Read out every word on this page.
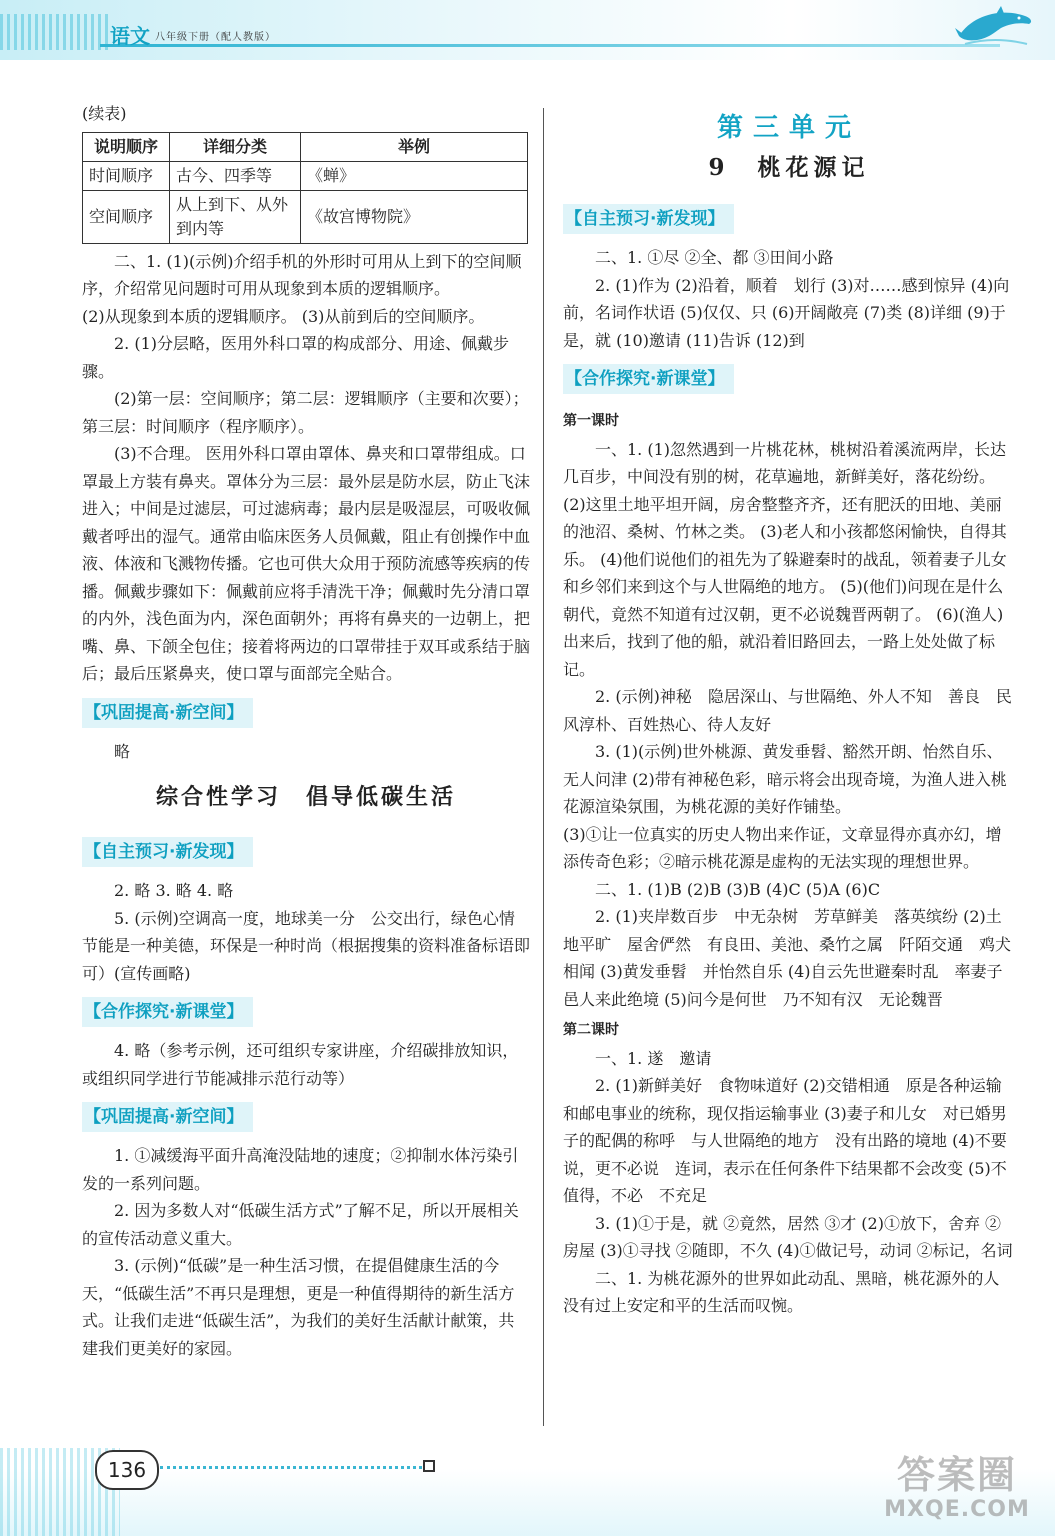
语文 八年级下册（配人教版）

(续表)

说明顺序	详细分类	举例
时间顺序	古今、四季等	《蝉》
空间顺序	从上到下、从外到内等	《故宫博物院》

二、1. (1)(示例)介绍手机的外形时可用从上到下的空间顺序，介绍常见问题时可用从现象到本质的逻辑顺序。

(2)从现象到本质的逻辑顺序。 (3)从前到后的空间顺序。

2. (1)分层略，医用外科口罩的构成部分、用途、佩戴步骤。

(2)第一层：空间顺序；第二层：逻辑顺序（主要和次要）；第三层：时间顺序（程序顺序）。

(3)不合理。 医用外科口罩由罩体、鼻夹和口罩带组成。口罩最上方装有鼻夹。罩体分为三层：最外层是防水层，防止飞沫进入；中间是过滤层，可过滤病毒；最内层是吸湿层，可吸收佩戴者呼出的湿气。通常由临床医务人员佩戴，阻止有创操作中血液、体液和飞溅物传播。它也可供大众用于预防流感等疾病的传播。佩戴步骤如下：佩戴前应将手清洗干净；佩戴时先分清口罩的内外，浅色面为内，深色面朝外；再将有鼻夹的一边朝上，把嘴、鼻、下颌全包住；接着将两边的口罩带挂于双耳或系结于脑后；最后压紧鼻夹，使口罩与面部完全贴合。

【巩固提高·新空间】

略

综合性学习　倡导低碳生活
【自主预习·新发现】

2. 略 3. 略 4. 略

5. (示例)空调高一度，地球美一分　公交出行，绿色心情　节能是一种美德，环保是一种时尚（根据搜集的资料准备标语即可）(宣传画略)

【合作探究·新课堂】

4. 略（参考示例，还可组织专家讲座，介绍碳排放知识，或组织同学进行节能减排示范行动等）

【巩固提高·新空间】

1. ①减缓海平面升高淹没陆地的速度；②抑制水体污染引发的一系列问题。

2. 因为多数人对“低碳生活方式”了解不足，所以开展相关的宣传活动意义重大。

3. (示例)“低碳”是一种生活习惯，在提倡健康生活的今天，“低碳生活”不再只是理想，更是一种值得期待的新生活方式。让我们走进“低碳生活”，为我们的美好生活献计献策，共建我们更美好的家园。

第三单元
9　桃花源记
【自主预习·新发现】

二、1. ①尽 ②全、都 ③田间小路

2. (1)作为 (2)沿着，顺着　划行 (3)对……感到惊异 (4)向前，名词作状语 (5)仅仅、只 (6)开阔敞亮 (7)类 (8)详细 (9)于是，就 (10)邀请 (11)告诉 (12)到

【合作探究·新课堂】

第一课时

一、1. (1)忽然遇到一片桃花林，桃树沿着溪流两岸，长达几百步，中间没有别的树，花草遍地，新鲜美好，落花纷纷。 (2)这里土地平坦开阔，房舍整整齐齐，还有肥沃的田地、美丽的池沼、桑树、竹林之类。 (3)老人和小孩都悠闲愉快，自得其乐。 (4)他们说他们的祖先为了躲避秦时的战乱，领着妻子儿女和乡邻们来到这个与人世隔绝的地方。 (5)(他们)问现在是什么朝代，竟然不知道有过汉朝，更不必说魏晋两朝了。 (6)(渔人)出来后，找到了他的船，就沿着旧路回去，一路上处处做了标记。

2. (示例)神秘　隐居深山、与世隔绝、外人不知　善良　民风淳朴、百姓热心、待人友好

3. (1)(示例)世外桃源、黄发垂髫、豁然开朗、怡然自乐、无人问津 (2)带有神秘色彩，暗示将会出现奇境，为渔人进入桃花源渲染氛围，为桃花源的美好作铺垫。

(3)①让一位真实的历史人物出来作证，文章显得亦真亦幻，增添传奇色彩；②暗示桃花源是虚构的无法实现的理想世界。

二、1. (1)B (2)B (3)B (4)C (5)A (6)C

2. (1)夹岸数百步　中无杂树　芳草鲜美　落英缤纷 (2)土地平旷　屋舍俨然　有良田、美池、桑竹之属　阡陌交通　鸡犬相闻 (3)黄发垂髫　并怡然自乐 (4)自云先世避秦时乱　率妻子邑人来此绝境 (5)问今是何世　乃不知有汉　无论魏晋

第二课时

一、1. 遂　邀请

2. (1)新鲜美好　食物味道好 (2)交错相通　原是各种运输和邮电事业的统称，现仅指运输事业 (3)妻子和儿女　对已婚男子的配偶的称呼　与人世隔绝的地方　没有出路的境地 (4)不要说，更不必说　连词，表示在任何条件下结果都不会改变 (5)不值得，不必　不充足

3. (1)①于是，就 ②竟然，居然 ③才 (2)①放下，舍弃 ②房屋 (3)①寻找 ②随即，不久 (4)①做记号，动词 ②标记，名词

二、1. 为桃花源外的世界如此动乱、黑暗，桃花源外的人没有过上安定和平的生活而叹惋。

136	答案圈
MXQE.COM
